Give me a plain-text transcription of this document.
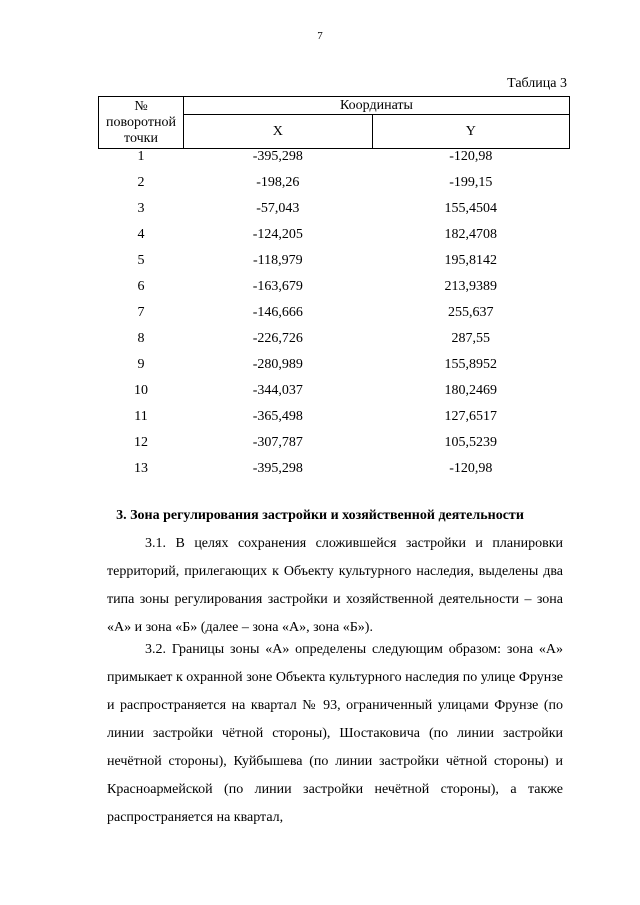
7
Таблица 3
№ поворотной точки	Координаты	
	X	Y
1	-395,298	-120,98
2	-198,26	-199,15
3	-57,043	155,4504
4	-124,205	182,4708
5	-118,979	195,8142
6	-163,679	213,9389
7	-146,666	255,637
8	-226,726	287,55
9	-280,989	155,8952
10	-344,037	180,2469
11	-365,498	127,6517
12	-307,787	105,5239
13	-395,298	-120,98
3. Зона регулирования застройки и хозяйственной деятельности
3.1. В целях сохранения сложившейся застройки и планировки территорий, прилегающих к Объекту культурного наследия, выделены два типа зоны регулирования застройки и хозяйственной деятельности – зона «А» и зона «Б» (далее – зона «А», зона «Б»).
3.2. Границы зоны «А» определены следующим образом: зона «А» примыкает к охранной зоне Объекта культурного наследия по улице Фрунзе и распространяется на квартал № 93, ограниченный улицами Фрунзе (по линии застройки чётной стороны), Шостаковича (по линии застройки нечётной стороны), Куйбышева (по линии застройки чётной стороны) и Красноармейской (по линии застройки нечётной стороны), а также распространяется на квартал,
